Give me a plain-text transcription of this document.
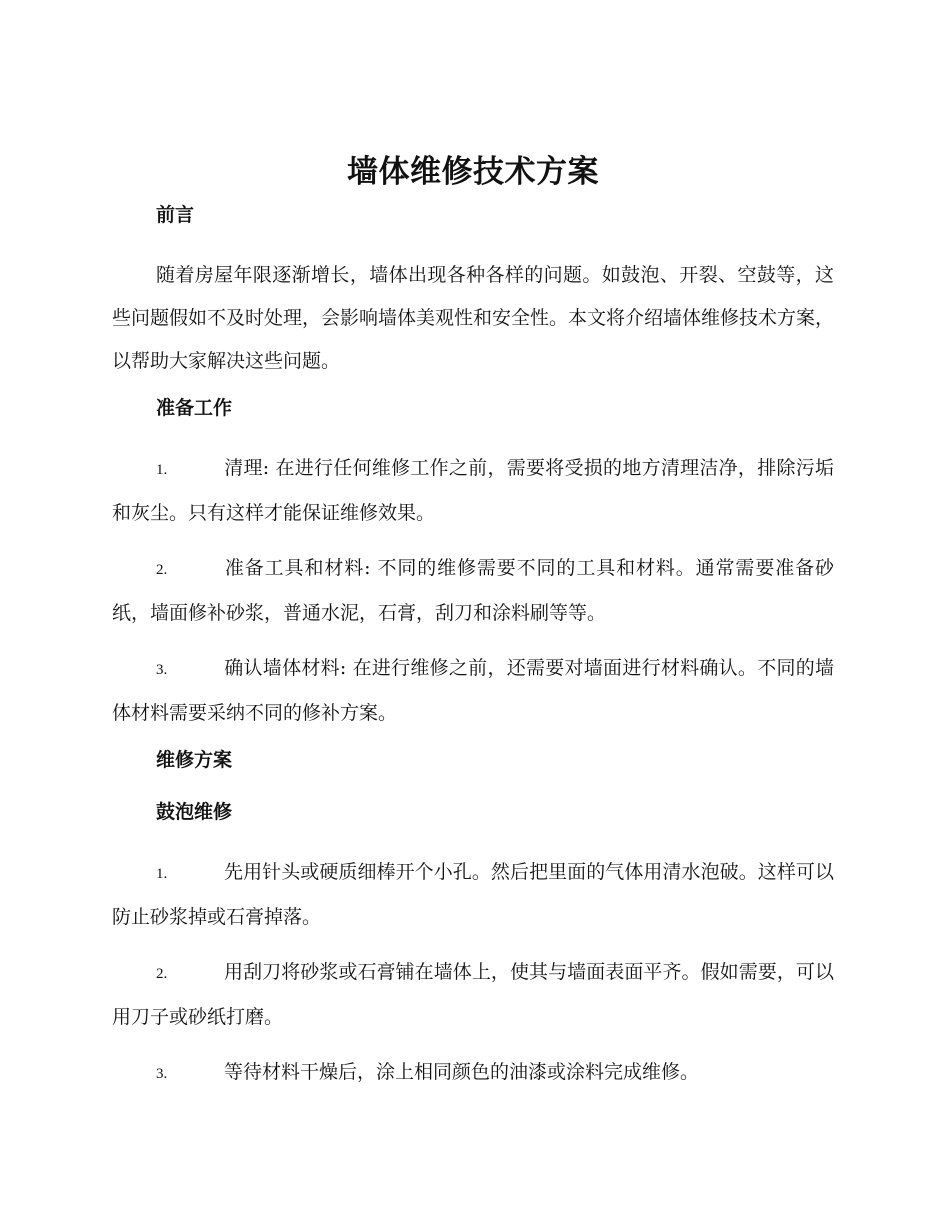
墙体维修技术方案
前言

随着房屋年限逐渐增长，墙体出现各种各样的问题。如鼓泡、开裂、空鼓等，这些问题假如不及时处理，会影响墙体美观性和安全性。本文将介绍墙体维修技术方案，以帮助大家解决这些问题。

准备工作

1.	清理: 在进行任何维修工作之前，需要将受损的地方清理洁净，排除污垢和灰尘。只有这样才能保证维修效果。

2.	准备工具和材料: 不同的维修需要不同的工具和材料。通常需要准备砂纸，墙面修补砂浆，普通水泥，石膏，刮刀和涂料刷等等。

3.	确认墙体材料: 在进行维修之前，还需要对墙面进行材料确认。不同的墙体材料需要采纳不同的修补方案。

维修方案
鼓泡维修

1.	先用针头或硬质细棒开个小孔。然后把里面的气体用清水泡破。这样可以防止砂浆掉或石膏掉落。

2.	用刮刀将砂浆或石膏铺在墙体上，使其与墙面表面平齐。假如需要，可以用刀子或砂纸打磨。

3.	等待材料干燥后，涂上相同颜色的油漆或涂料完成维修。
